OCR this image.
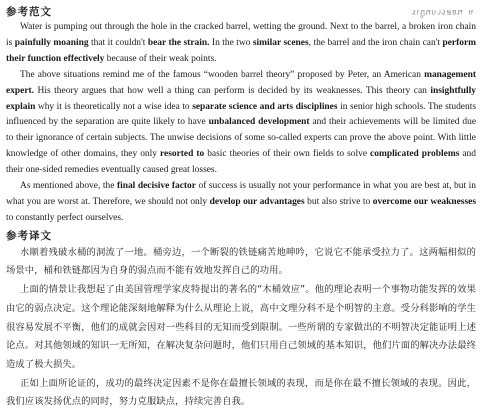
รเป็นการสอน แ
参考范文

Water is pumping out through the hole in the cracked barrel, wetting the ground. Next to the barrel, a broken iron chain is painfully moaning that it couldn't bear the strain. In the two similar scenes, the barrel and the iron chain can't perform their function effectively because of their weak points.

The above situations remind me of the famous “wooden barrel theory” proposed by Peter, an American management expert. His theory argues that how well a thing can perform is decided by its weaknesses. This theory can insightfully explain why it is theoretically not a wise idea to separate science and arts disciplines in senior high schools. The students influenced by the separation are quite likely to have unbalanced development and their achievements will be limited due to their ignorance of certain subjects. The unwise decisions of some so-called experts can prove the above point. With little knowledge of other domains, they only resorted to basic theories of their own fields to solve complicated problems and their one-sided remedies eventually caused great losses.

As mentioned above, the final decisive factor of success is usually not your performance in what you are best at, but in what you are worst at. Therefore, we should not only develop our advantages but also strive to overcome our weaknesses to constantly perfect ourselves.

参考译文

水顺着残破水桶的洞流了一地。桶旁边，一个断裂的铁链痛苦地呻吟，它说它不能承受拉力了。这两幅相似的场景中，桶和铁链都因为自身的弱点而不能有效地发挥自己的功用。

上面的情景让我想起了由美国管理学家皮特提出的著名的“木桶效应”。他的理论表明一个事物功能发挥的效果由它的弱点决定。这个理论能深刻地解释为什么从理论上说，高中文理分科不是个明智的主意。受分科影响的学生很容易发展不平衡，他们的成就会因对一些科目的无知而受到限制。一些所谓的专家做出的不明智决定能证明上述论点。对其他领域的知识一无所知，在解决复杂问题时，他们只用自己领域的基本知识，他们片面的解决办法最终造成了极大损失。

正如上面所论证的，成功的最终决定因素不是你在最擅长领域的表现，而是你在最不擅长领域的表现。因此，我们应该发扬优点的同时，努力克服缺点，持续完善自我。
